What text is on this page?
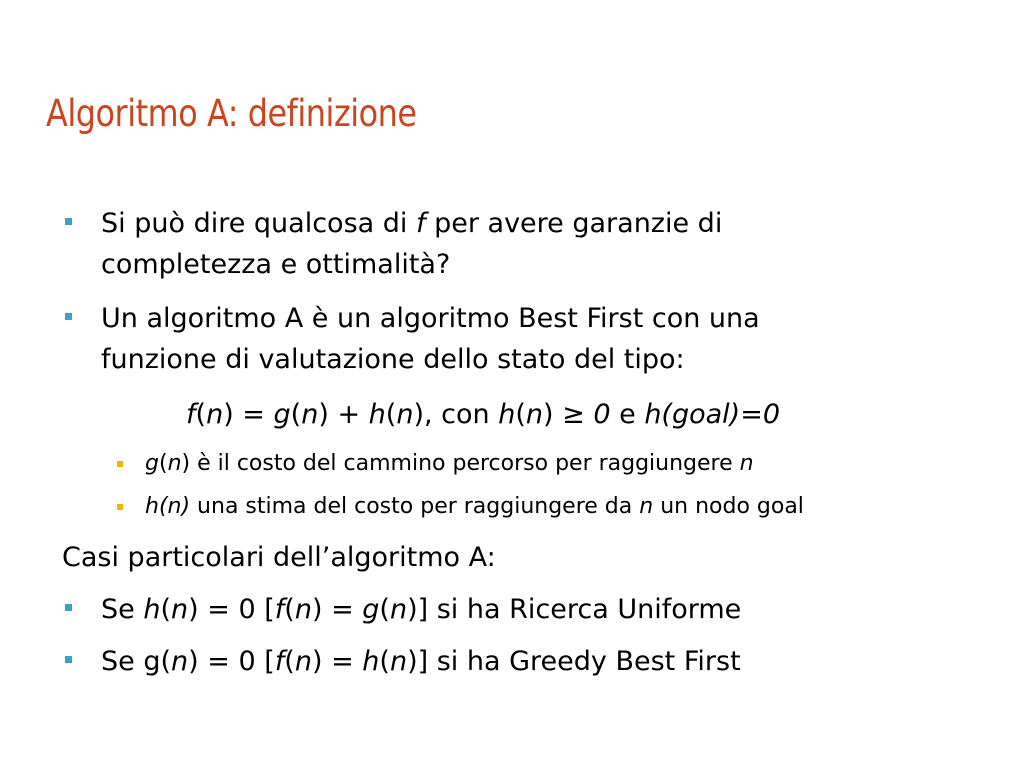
Algoritmo A: definizione
Si può dire qualcosa di f per avere garanzie di
completezza e ottimalità?
Un algoritmo A è un algoritmo Best First con una
funzione di valutazione dello stato del tipo:
f(n) = g(n) + h(n), con h(n) ≥ 0 e h(goal)=0
g(n) è il costo del cammino percorso per raggiungere n
h(n) una stima del costo per raggiungere da n un nodo goal
Casi particolari dell’algoritmo A:
Se h(n) = 0 [f(n) = g(n)] si ha Ricerca Uniforme
Se g(n) = 0 [f(n) = h(n)] si ha Greedy Best First
